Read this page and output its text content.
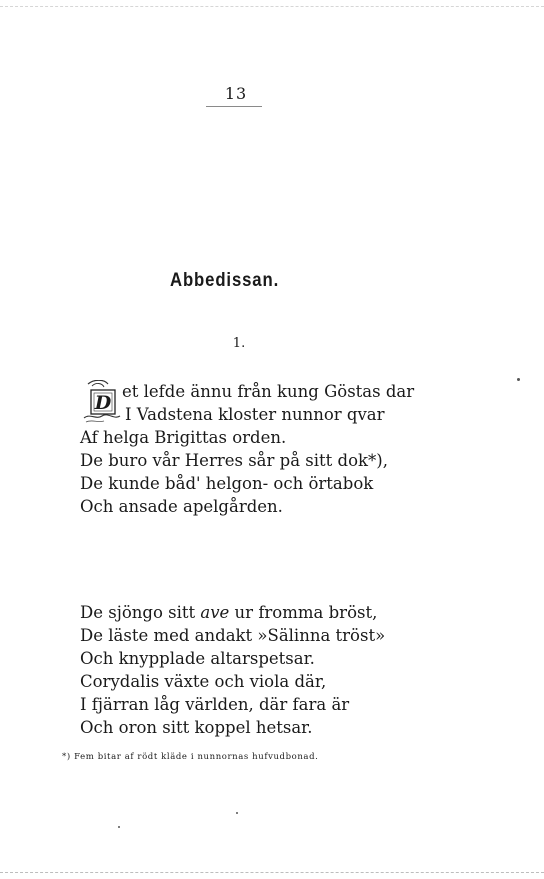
13
Abbedissan.
1.
D
et lefde ännu från kung Göstas dar
I Vadstena kloster nunnor qvar
Af helga Brigittas orden.
De buro vår Herres sår på sitt dok*),
De kunde båd' helgon- och örtabok
Och ansade apelgården.
De sjöngo sitt ave ur fromma bröst,
De läste med andakt »Sälinna tröst»
Och knypplade altarspetsar.
Corydalis växte och viola där,
I fjärran låg världen, där fara är
Och oron sitt koppel hetsar.
*) Fem bitar af rödt kläde i nunnornas hufvudbonad.
